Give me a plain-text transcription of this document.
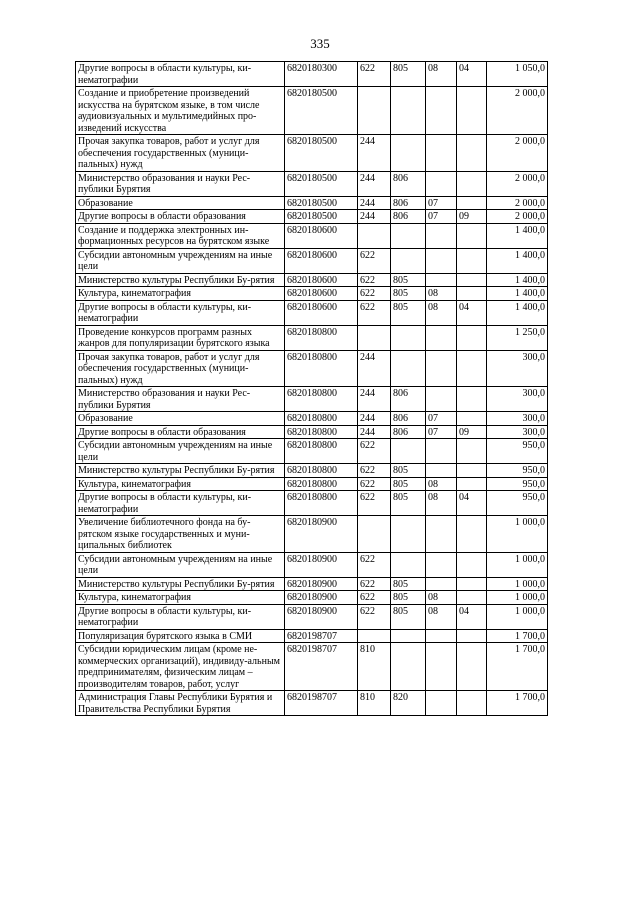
335
Другие вопросы в области культуры, ки-нематографии	6820180300	622	805	08	04	1 050,0
Создание и приобретение произведений искусства на бурятском языке, в том числе аудиовизуальных и мультимедийных про-изведений искусства	6820180500					2 000,0
Прочая закупка товаров, работ и услуг для обеспечения государственных (муници-пальных) нужд	6820180500	244				2 000,0
Министерство образования и науки Рес-публики Бурятия	6820180500	244	806			2 000,0
Образование	6820180500	244	806	07		2 000,0
Другие вопросы в области образования	6820180500	244	806	07	09	2 000,0
Создание и поддержка электронных ин-формационных ресурсов на бурятском языке	6820180600					1 400,0
Субсидии автономным учреждениям на иные цели	6820180600	622				1 400,0
Министерство культуры Республики Бу-рятия	6820180600	622	805			1 400,0
Культура, кинематография	6820180600	622	805	08		1 400,0
Другие вопросы в области культуры, ки-нематографии	6820180600	622	805	08	04	1 400,0
Проведение конкурсов программ разных жанров для популяризации бурятского языка	6820180800					1 250,0
Прочая закупка товаров, работ и услуг для обеспечения государственных (муници-пальных) нужд	6820180800	244				300,0
Министерство образования и науки Рес-публики Бурятия	6820180800	244	806			300,0
Образование	6820180800	244	806	07		300,0
Другие вопросы в области образования	6820180800	244	806	07	09	300,0
Субсидии автономным учреждениям на иные цели	6820180800	622				950,0
Министерство культуры Республики Бу-рятия	6820180800	622	805			950,0
Культура, кинематография	6820180800	622	805	08		950,0
Другие вопросы в области культуры, ки-нематографии	6820180800	622	805	08	04	950,0
Увеличение библиотечного фонда на бу-рятском языке государственных и муни-ципальных библиотек	6820180900					1 000,0
Субсидии автономным учреждениям на иные цели	6820180900	622				1 000,0
Министерство культуры Республики Бу-рятия	6820180900	622	805			1 000,0
Культура, кинематография	6820180900	622	805	08		1 000,0
Другие вопросы в области культуры, ки-нематографии	6820180900	622	805	08	04	1 000,0
Популяризация бурятского языка в СМИ	6820198707					1 700,0
Субсидии юридическим лицам (кроме не-коммерческих организаций), индивиду-альным предпринимателям, физическим лицам – производителям товаров, работ, услуг	6820198707	810				1 700,0
Администрация Главы Республики Бурятия и Правительства Республики Бурятия	6820198707	810	820			1 700,0
